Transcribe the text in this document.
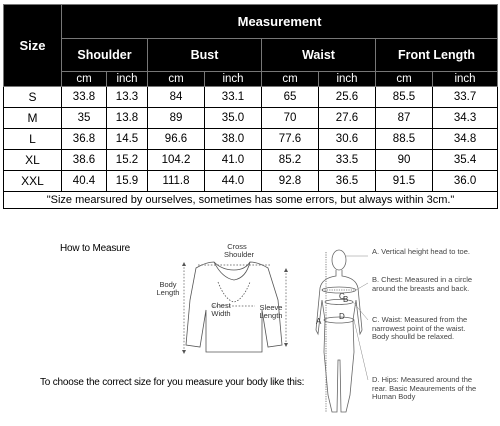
Size	Measurement							
	Shoulder		Bust		Waist		Front Length	
	cm	inch	cm	inch	cm	inch	cm	inch
S	33.8	13.3	84	33.1	65	25.6	85.5	33.7
M	35	13.8	89	35.0	70	27.6	87	34.3
L	36.8	14.5	96.6	38.0	77.6	30.6	88.5	34.8
XL	38.6	15.2	104.2	41.0	85.2	33.5	90	35.4
XXL	40.4	15.9	111.8	44.0	92.8	36.5	91.5	36.0
"Size mearsured by ourselves, sometimes has some errors, but always within 3cm."								
How to Measure	Cross
Shoulder
Body
Length
Chest
Width
Sleeve
Length
B
C
D
A
A. Vertical height head to toe.
B. Chest: Measured in a circle around the breasts and back.
C. Waist: Measured from the narrowest point of the waist. Body shoulld be relaxed.
D. Hips: Measured around the rear. Basic Meaurements of the Human Body
To choose the correct size for you measure your body like this:
